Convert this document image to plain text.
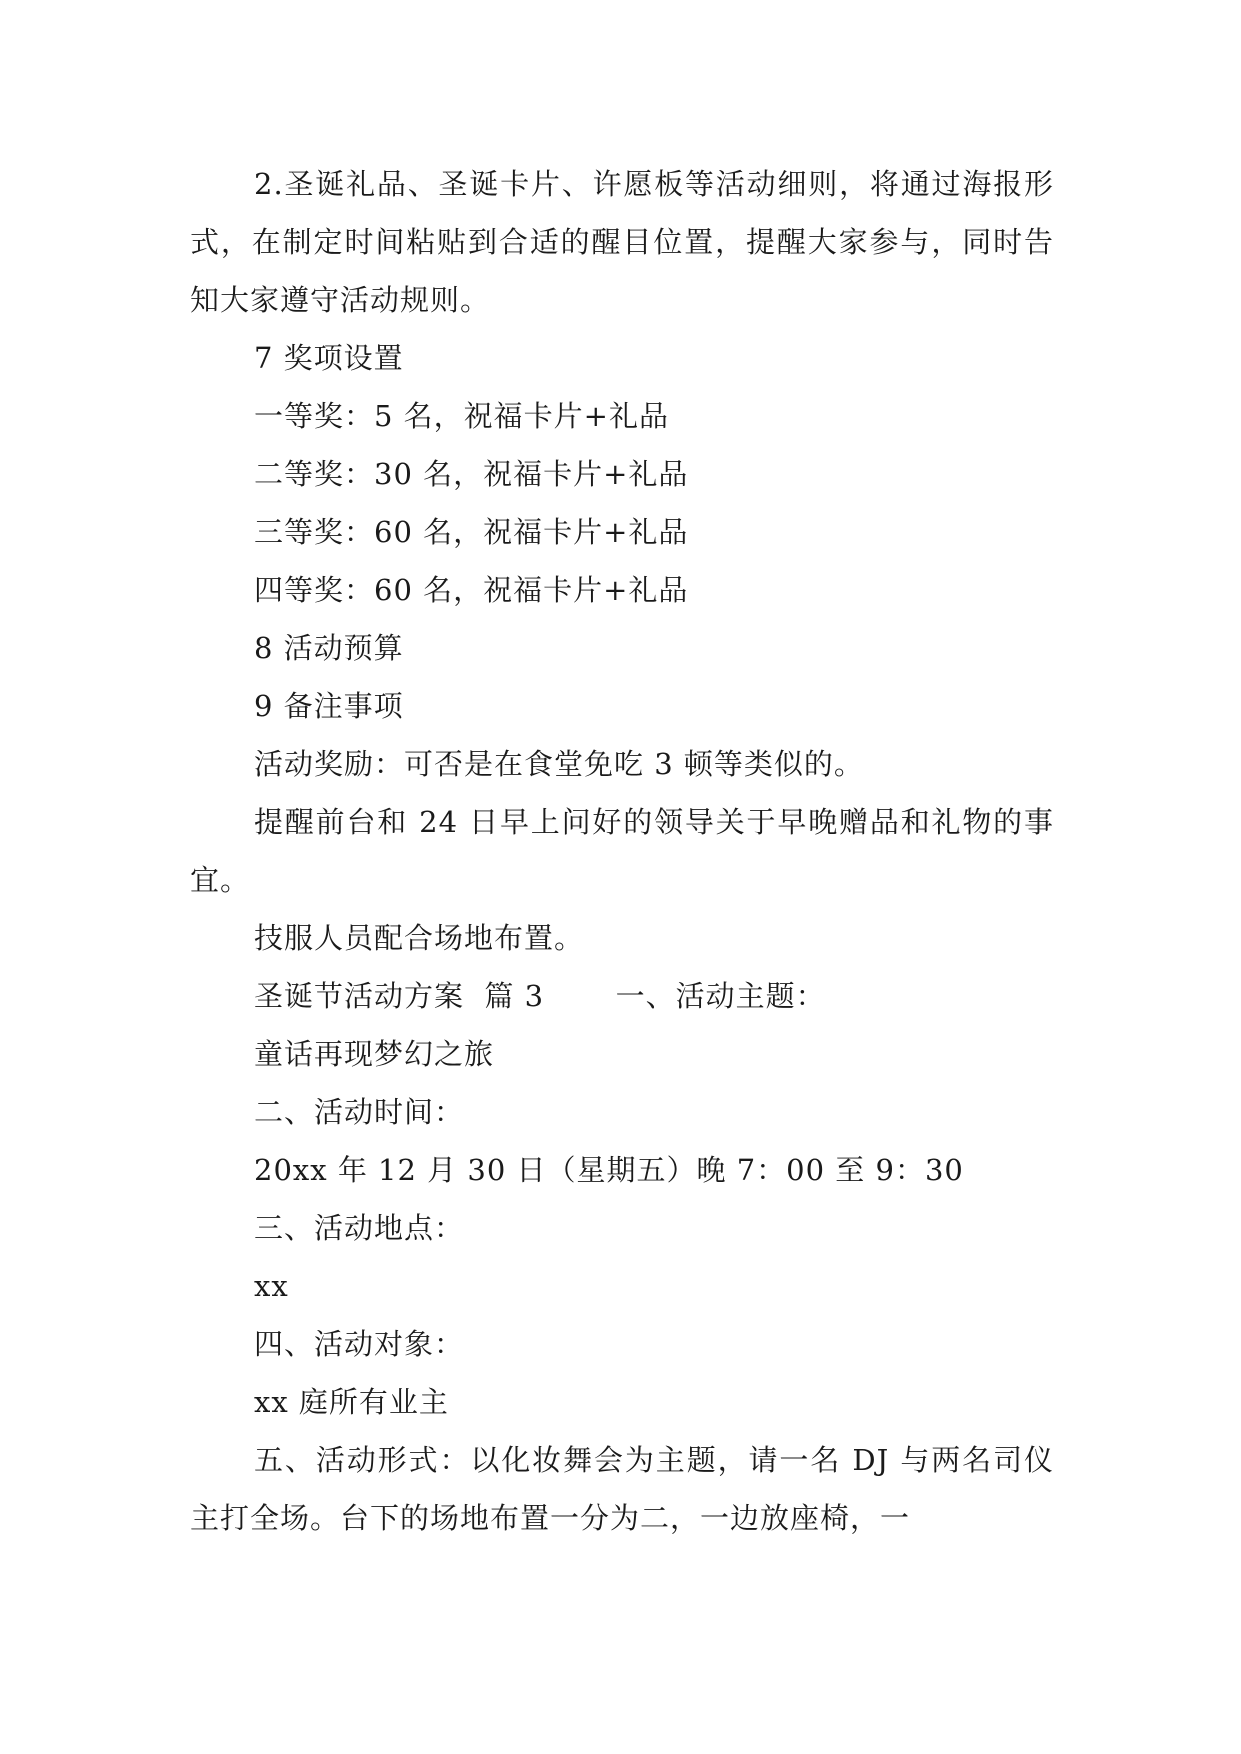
2.圣诞礼品、圣诞卡片、许愿板等活动细则，将通过海报形式，在制定时间粘贴到合适的醒目位置，提醒大家参与，同时告知大家遵守活动规则。

7 奖项设置

一等奖：5 名，祝福卡片+礼品

二等奖：30 名，祝福卡片+礼品

三等奖：60 名，祝福卡片+礼品

四等奖：60 名，祝福卡片+礼品

8 活动预算

9 备注事项

活动奖励：可否是在食堂免吃 3 顿等类似的。

提醒前台和 24 日早上问好的领导关于早晚赠品和礼物的事宜。

技服人员配合场地布置。

圣诞节活动方案  篇 3       一、活动主题：

童话再现梦幻之旅

二、活动时间：

20xx 年 12 月 30 日（星期五）晚 7：00 至 9：30

三、活动地点：

xx

四、活动对象：

xx 庭所有业主

五、活动形式：以化妆舞会为主题，请一名 DJ 与两名司仪主打全场。台下的场地布置一分为二，一边放座椅，一
